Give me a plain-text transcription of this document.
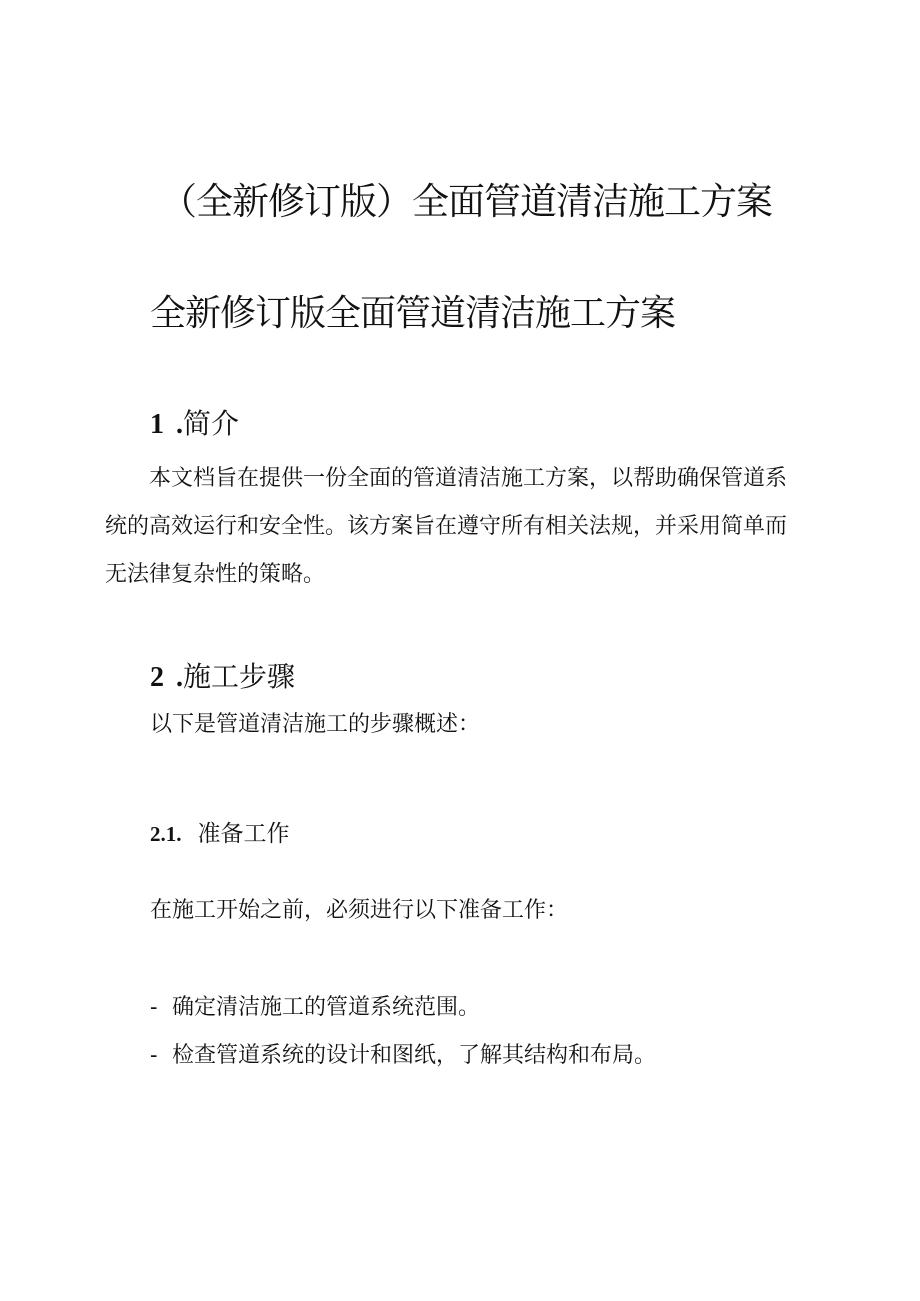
（全新修订版）全面管道清洁施工方案
全新修订版全面管道清洁施工方案
1 .简介

本文档旨在提供一份全面的管道清洁施工方案，以帮助确保管道系

统的高效运行和安全性。该方案旨在遵守所有相关法规，并采用简单而

无法律复杂性的策略。

2 .施工步骤
以下是管道清洁施工的步骤概述：
2.1. 准备工作
在施工开始之前，必须进行以下准备工作：
- 确定清洁施工的管道系统范围。
- 检查管道系统的设计和图纸，了解其结构和布局。
